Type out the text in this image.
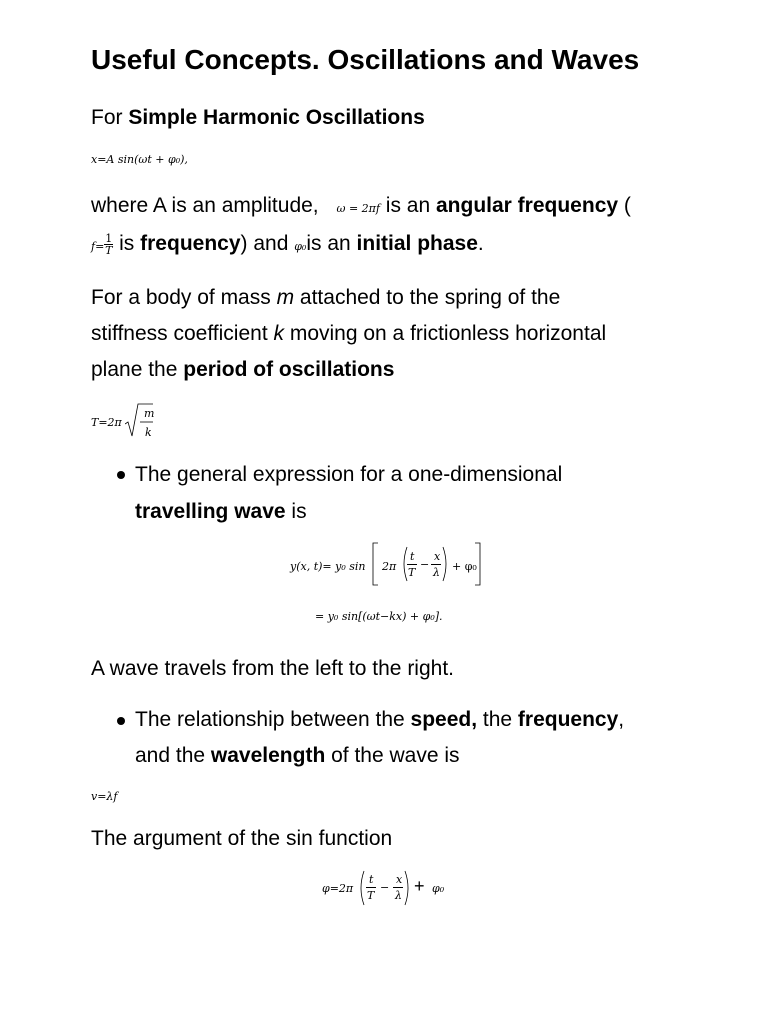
Useful Concepts. Oscillations and Waves
For Simple Harmonic Oscillations
x=A sin(ωt + φ₀),
where A is an amplitude, ω = 2πf is an angular frequency (
$f= \frac{1}{T}$ is frequency) and φ₀is an initial phase.
For a body of mass m attached to the spring of the
stiffness coefficient k moving on a frictionless horizontal
plane the period of oscillations
T=2π
m
k
The general expression for a one-dimensional
travelling wave is
y(x, t)= y₀ sin 2π
t
T
−
x
λ + φ₀
= y₀ sin[(ωt−kx) + φ₀].
A wave travels from the left to the right.
The relationship between the speed, the frequency,
and the wavelength of the wave is
v=λf
The argument of the sin function
φ=2π
t
T
−
x
λ + φ₀
